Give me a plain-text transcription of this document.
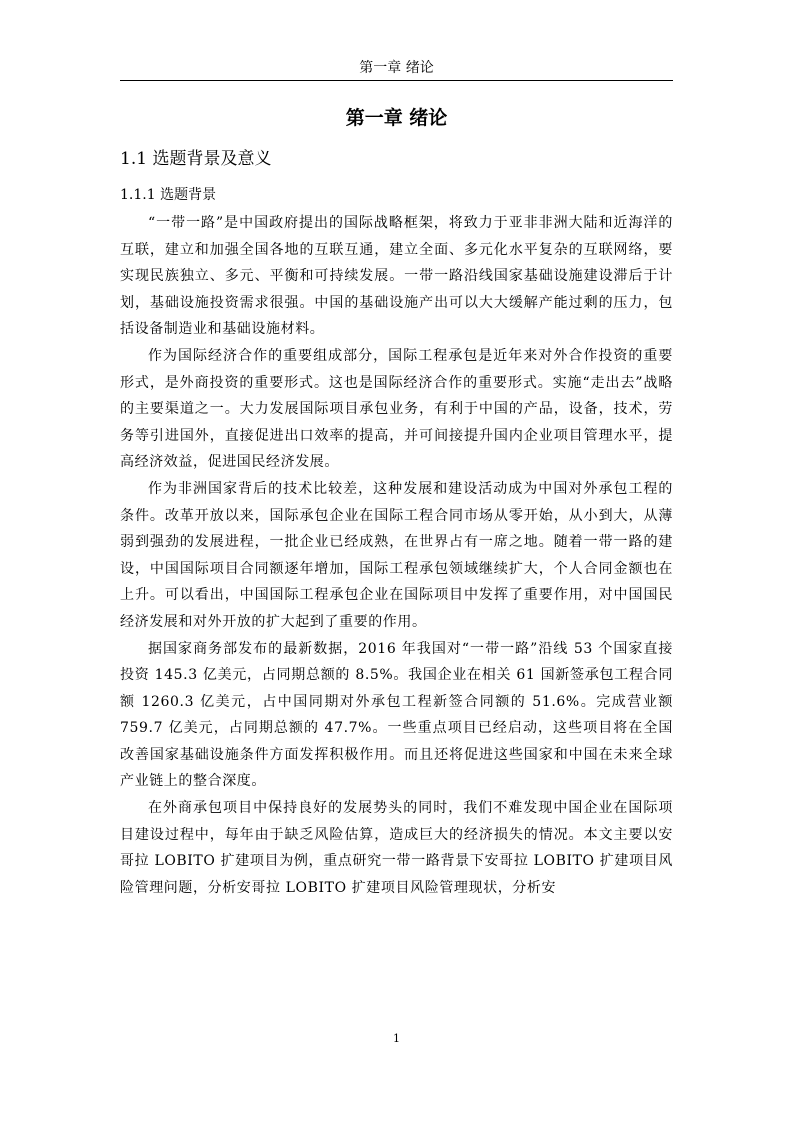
第一章 绪论
第一章 绪论
1.1 选题背景及意义
1.1.1 选题背景

“一带一路”是中国政府提出的国际战略框架，将致力于亚非非洲大陆和近海洋的互联，建立和加强全国各地的互联互通，建立全面、多元化水平复杂的互联网络，要实现民族独立、多元、平衡和可持续发展。一带一路沿线国家基础设施建设滞后于计划，基础设施投资需求很强。中国的基础设施产出可以大大缓解产能过剩的压力，包括设备制造业和基础设施材料。

作为国际经济合作的重要组成部分，国际工程承包是近年来对外合作投资的重要形式，是外商投资的重要形式。这也是国际经济合作的重要形式。实施“走出去”战略的主要渠道之一。大力发展国际项目承包业务，有利于中国的产品，设备，技术，劳务等引进国外，直接促进出口效率的提高，并可间接提升国内企业项目管理水平，提高经济效益，促进国民经济发展。

作为非洲国家背后的技术比较差，这种发展和建设活动成为中国对外承包工程的条件。改革开放以来，国际承包企业在国际工程合同市场从零开始，从小到大，从薄弱到强劲的发展进程，一批企业已经成熟，在世界占有一席之地。随着一带一路的建设，中国国际项目合同额逐年增加，国际工程承包领域继续扩大，个人合同金额也在上升。可以看出，中国国际工程承包企业在国际项目中发挥了重要作用，对中国国民经济发展和对外开放的扩大起到了重要的作用。

据国家商务部发布的最新数据，2016 年我国对“一带一路”沿线 53 个国家直接投资 145.3 亿美元，占同期总额的 8.5%。我国企业在相关 61 国新签承包工程合同额 1260.3 亿美元，占中国同期对外承包工程新签合同额的 51.6%。完成营业额 759.7 亿美元，占同期总额的 47.7%。一些重点项目已经启动，这些项目将在全国改善国家基础设施条件方面发挥积极作用。而且还将促进这些国家和中国在未来全球产业链上的整合深度。

在外商承包项目中保持良好的发展势头的同时，我们不难发现中国企业在国际项目建设过程中，每年由于缺乏风险估算，造成巨大的经济损失的情况。本文主要以安哥拉 LOBITO 扩建项目为例，重点研究一带一路背景下安哥拉 LOBITO 扩建项目风险管理问题，分析安哥拉 LOBITO 扩建项目风险管理现状，分析安

1
